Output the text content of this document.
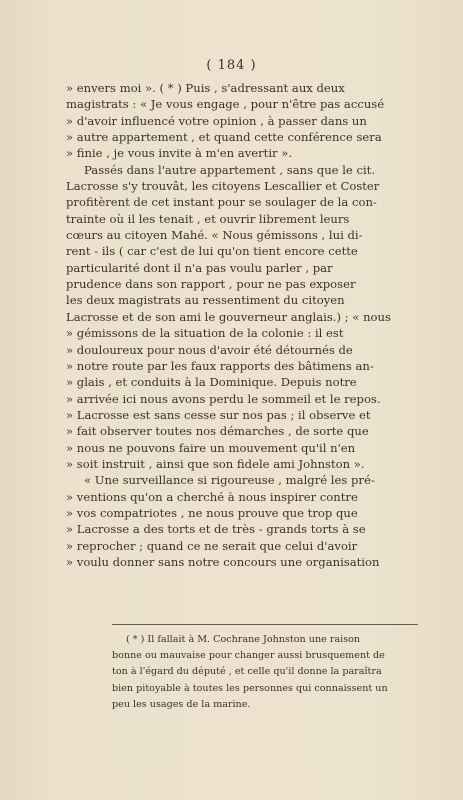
( 184 )
» envers moi ». ( * ) Puis , s'adressant aux deux
magistrats : « Je vous engage , pour n'être pas accusé
» d'avoir influencé votre opinion , à passer dans un
» autre appartement , et quand cette conférence sera
» finie , je vous invite à m'en avertir ».
Passés dans l'autre appartement , sans que le cit.
Lacrosse s'y trouvât, les citoyens Lescallier et Coster
profitèrent de cet instant pour se soulager de la con-
trainte où il les tenait , et ouvrir librement leurs
cœurs au citoyen Mahé. « Nous gémissons , lui di-
rent - ils ( car c'est de lui qu'on tient encore cette
particularité dont il n'a pas voulu parler , par
prudence dans son rapport , pour ne pas exposer
les deux magistrats au ressentiment du citoyen
Lacrosse et de son ami le gouverneur anglais.) ; « nous
» gémissons de la situation de la colonie : il est
» douloureux pour nous d'avoir été détournés de
» notre route par les faux rapports des bâtimens an-
» glais , et conduits à la Dominique. Depuis notre
» arrivée ici nous avons perdu le sommeil et le repos.
» Lacrosse est sans cesse sur nos pas ; il observe et
» fait observer toutes nos démarches , de sorte que
» nous ne pouvons faire un mouvement qu'il n'en
» soit instruit , ainsi que son fidele ami Johnston ».
« Une surveillance si rigoureuse , malgré les pré-
» ventions qu'on a cherché à nous inspirer contre
» vos compatriotes , ne nous prouve que trop que
» Lacrosse a des torts et de très - grands torts à se
» reprocher ; quand ce ne serait que celui d'avoir
» voulu donner sans notre concours une organisation
( * ) Il fallait à M. Cochrane Johnston une raison
bonne ou mauvaise pour changer aussi brusquement de
ton à l'égard du député , et celle qu'il donne la paraîtra
bien pitoyable à toutes les personnes qui connaissent un
peu les usages de la marine.
